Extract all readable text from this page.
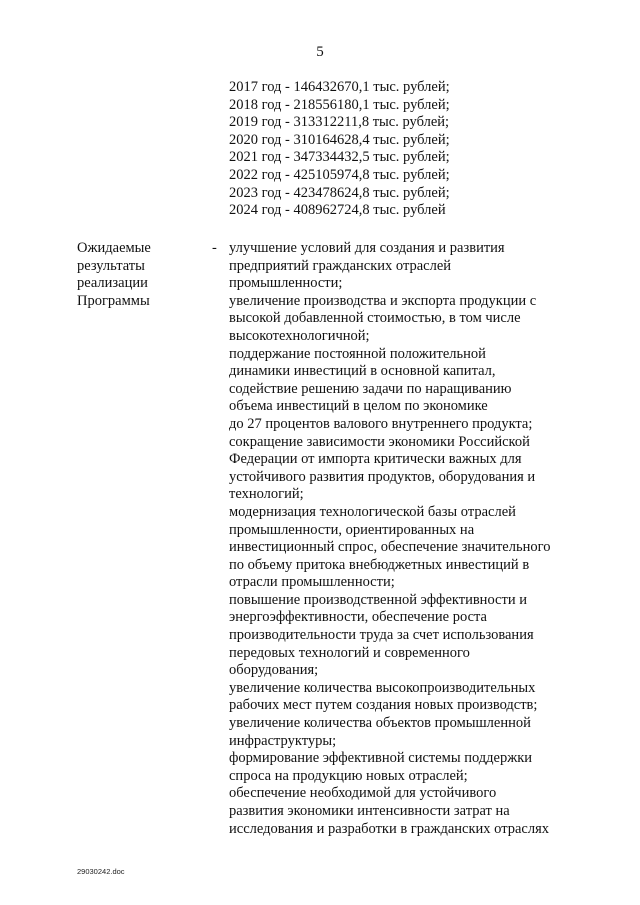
5
2017 год - 146432670,1 тыс. рублей;
2018 год - 218556180,1 тыс. рублей;
2019 год - 313312211,8 тыс. рублей;
2020 год - 310164628,4 тыс. рублей;
2021 год - 347334432,5 тыс. рублей;
2022 год - 425105974,8 тыс. рублей;
2023 год - 423478624,8 тыс. рублей;
2024 год - 408962724,8 тыс. рублей
Ожидаемые
результаты
реализации
Программы
- улучшение условий для создания и развития
предприятий гражданских отраслей
промышленности;
увеличение производства и экспорта продукции с
высокой добавленной стоимостью, в том числе
высокотехнологичной;
поддержание постоянной положительной
динамики инвестиций в основной капитал,
содействие решению задачи по наращиванию
объема инвестиций в целом по экономике
до 27 процентов валового внутреннего продукта;
сокращение зависимости экономики Российской
Федерации от импорта критически важных для
устойчивого развития продуктов, оборудования и
технологий;
модернизация технологической базы отраслей
промышленности, ориентированных на
инвестиционный спрос, обеспечение значительного
по объему притока внебюджетных инвестиций в
отрасли промышленности;
повышение производственной эффективности и
энергоэффективности, обеспечение роста
производительности труда за счет использования
передовых технологий и современного
оборудования;
увеличение количества высокопроизводительных
рабочих мест путем создания новых производств;
увеличение количества объектов промышленной
инфраструктуры;
формирование эффективной системы поддержки
спроса на продукцию новых отраслей;
обеспечение необходимой для устойчивого
развития экономики интенсивности затрат на
исследования и разработки в гражданских отраслях
29030242.doc
